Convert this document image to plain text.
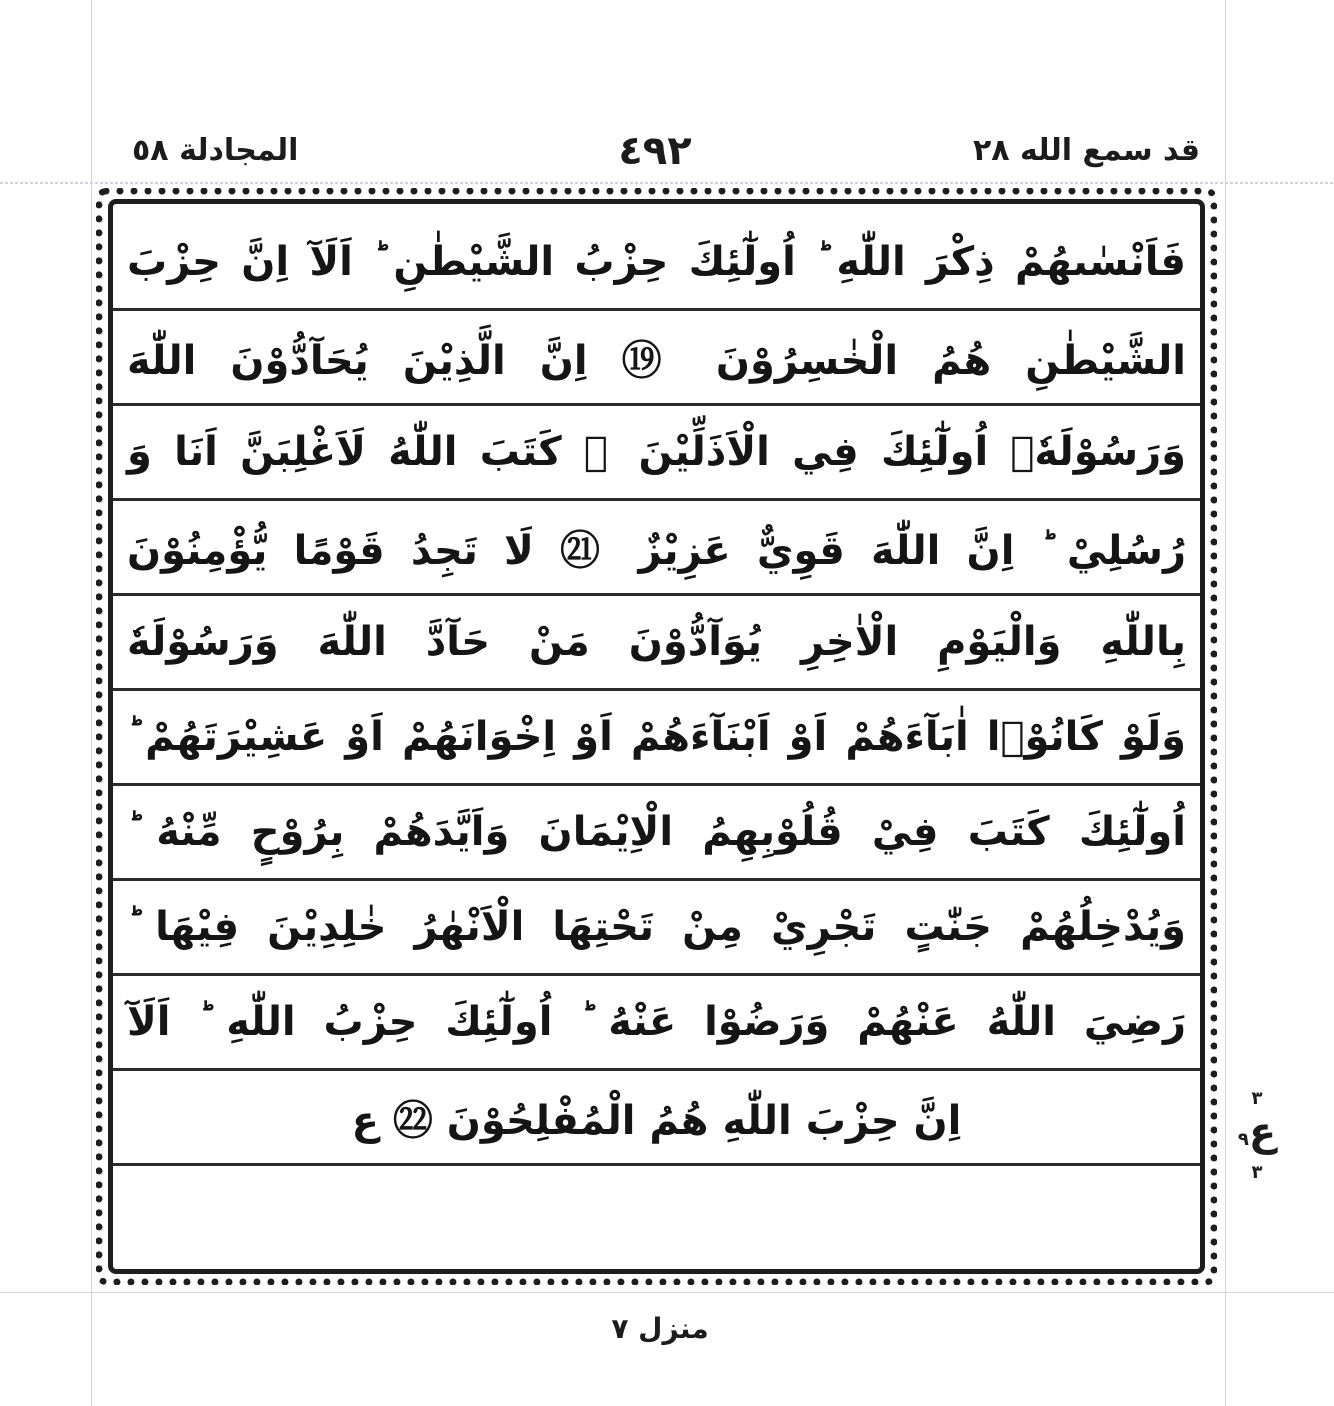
المجادلة ٥٨	٤٩٢	قد سمع الله ٢٨
فَاَنْسٰىهُمْ ذِكْرَ اللّٰهِ ؕ اُولٰٓئِكَ حِزْبُ الشَّيْطٰنِ ؕ اَلَآ اِنَّ حِزْبَ
الشَّيْطٰنِ هُمُ الْخٰسِرُوْنَ ⑲ اِنَّ الَّذِيْنَ يُحَآدُّوْنَ اللّٰهَ
وَرَسُوْلَهٗۤ اُولٰٓئِكَ فِي الْاَذَلِّيْنَ ⑳ كَتَبَ اللّٰهُ لَاَغْلِبَنَّ اَنَا وَ
رُسُلِيْ ؕ اِنَّ اللّٰهَ قَوِيٌّ عَزِيْزٌ ㉑ لَا تَجِدُ قَوْمًا يُّؤْمِنُوْنَ
بِاللّٰهِ وَالْيَوْمِ الْاٰخِرِ يُوَآدُّوْنَ مَنْ حَآدَّ اللّٰهَ وَرَسُوْلَهٗ
وَلَوْ كَانُوْۤا اٰبَآءَهُمْ اَوْ اَبْنَآءَهُمْ اَوْ اِخْوَانَهُمْ اَوْ عَشِيْرَتَهُمْ ؕ
اُولٰٓئِكَ كَتَبَ فِيْ قُلُوْبِهِمُ الْاِيْمَانَ وَاَيَّدَهُمْ بِرُوْحٍ مِّنْهُ ؕ
وَيُدْخِلُهُمْ جَنّٰتٍ تَجْرِيْ مِنْ تَحْتِهَا الْاَنْهٰرُ خٰلِدِيْنَ فِيْهَا ؕ
رَضِيَ اللّٰهُ عَنْهُمْ وَرَضُوْا عَنْهُ ؕ اُولٰٓئِكَ حِزْبُ اللّٰهِ ؕ اَلَآ
اِنَّ حِزْبَ اللّٰهِ هُمُ الْمُفْلِحُوْنَ ㉒ ع	٣
ع٩
٣
منزل ٧
